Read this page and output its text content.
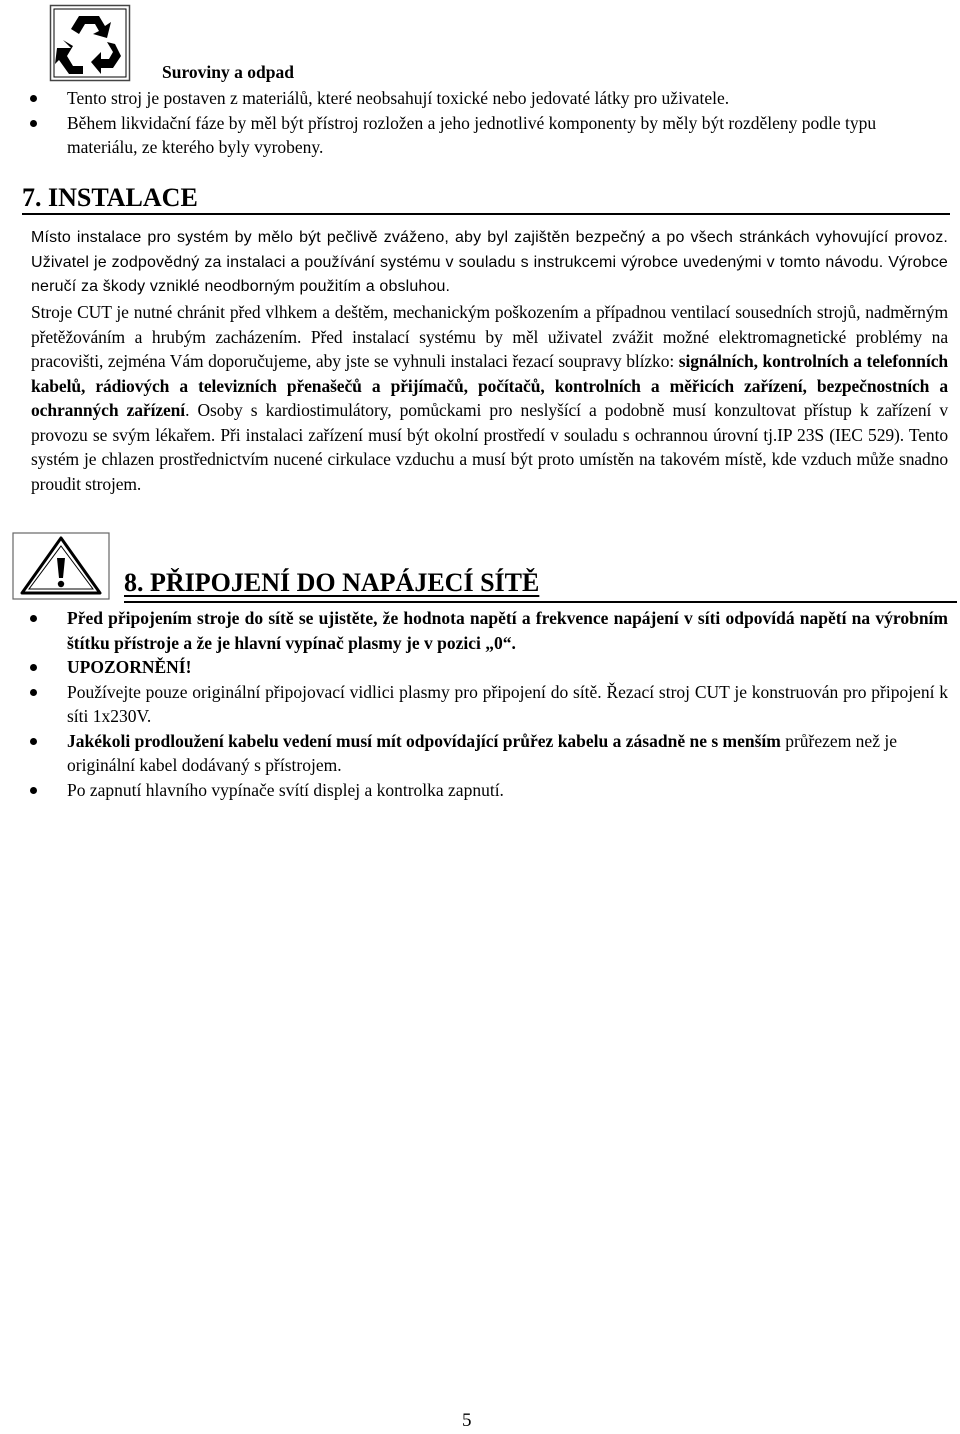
Suroviny a odpad
Tento stroj je postaven z materiálů, které neobsahují toxické nebo jedovaté látky pro uživatele.
Během likvidační fáze by měl být přístroj rozložen a jeho jednotlivé komponenty by měly být rozděleny podle typu materiálu, ze kterého byly vyrobeny.
7. INSTALACE

Místo instalace pro systém by mělo být pečlivě zváženo, aby byl zajištěn bezpečný a po všech stránkách vyhovující provoz. Uživatel je zodpovědný za instalaci a používání systému v souladu s instrukcemi výrobce uvedenými v tomto návodu. Výrobce neručí za škody vzniklé neodborným použitím a obsluhou.

Stroje CUT je nutné chránit před vlhkem a deštěm, mechanickým poškozením a případnou ventilací sousedních strojů, nadměrným přetěžováním a hrubým zacházením. Před instalací systému by měl uživatel zvážit možné elektromagnetické problémy na pracovišti, zejména Vám doporučujeme, aby jste se vyhnuli instalaci řezací soupravy blízko: signálních, kontrolních a telefonních kabelů, rádiových a televizních přenašečů a přijímačů, počítačů, kontrolních a měřicích zařízení, bezpečnostních a ochranných zařízení. Osoby s kardiostimulátory, pomůckami pro neslyšící a podobně musí konzultovat přístup k zařízení v provozu se svým lékařem. Při instalaci zařízení musí být okolní prostředí v souladu s ochrannou úrovní tj.IP 23S (IEC 529). Tento systém je chlazen prostřednictvím nucené cirkulace vzduchu a musí být proto umístěn na takovém místě, kde vzduch může snadno proudit strojem.

8. PŘIPOJENÍ DO NAPÁJECÍ SÍTĚ
Před připojením stroje do sítě se ujistěte, že hodnota napětí a frekvence napájení v síti odpovídá napětí na výrobním štítku přístroje a že je hlavní vypínač plasmy je v pozici „0“.
UPOZORNĚNÍ!
Používejte pouze originální připojovací vidlici plasmy pro připojení do sítě. Řezací stroj CUT je konstruován pro připojení k síti 1x230V.
Jakékoli prodloužení kabelu vedení musí mít odpovídající průřez kabelu a zásadně ne s menším průřezem než je originální kabel dodávaný s přístrojem.
Po zapnutí hlavního vypínače svítí displej a kontrolka zapnutí.
5
